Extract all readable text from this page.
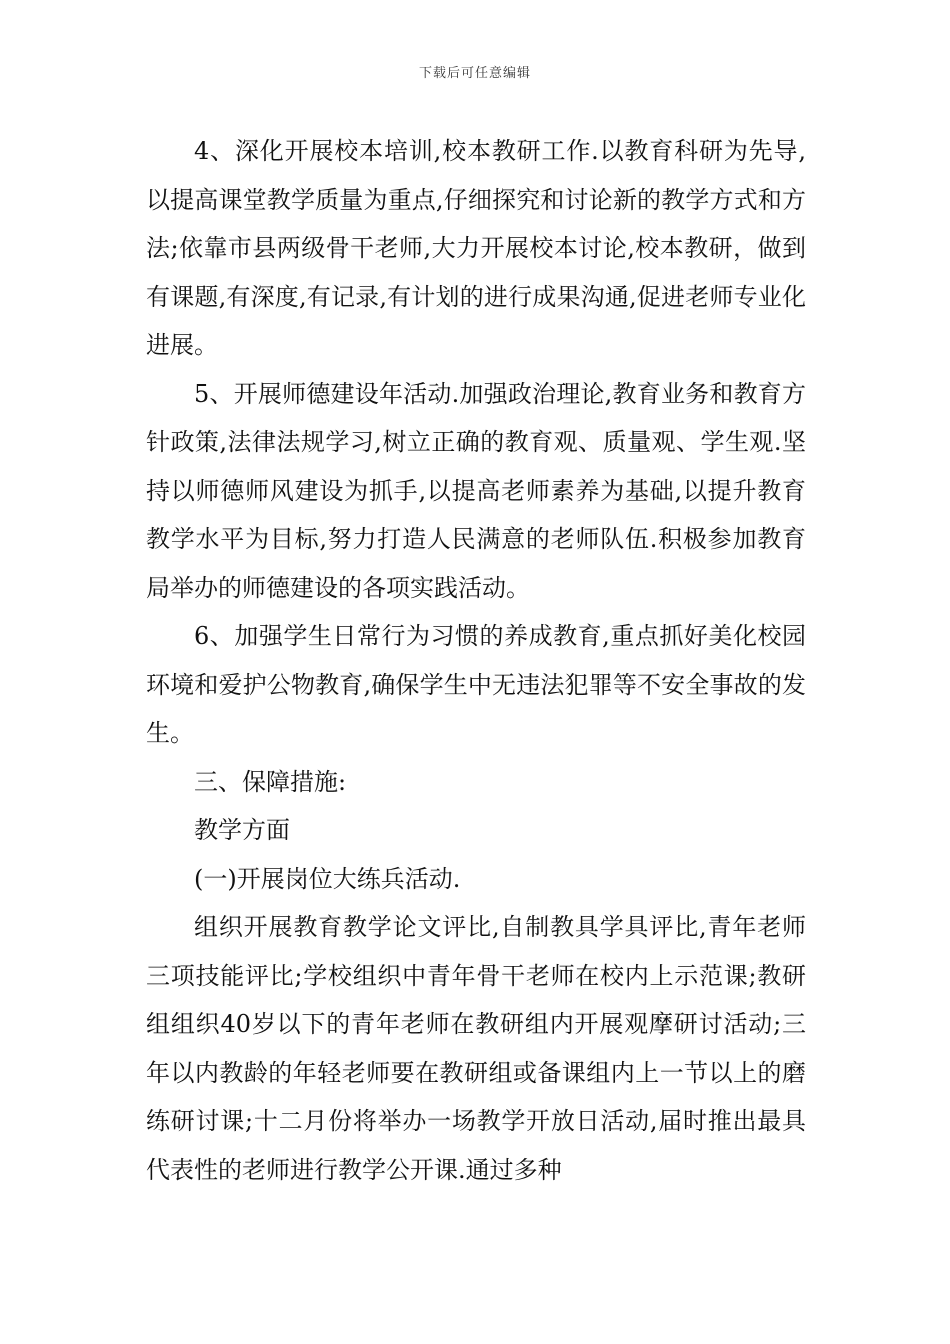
下载后可任意编辑

4、深化开展校本培训,校本教研工作.以教育科研为先导,以提高课堂教学质量为重点,仔细探究和讨论新的教学方式和方法;依靠市县两级骨干老师,大力开展校本讨论,校本教研，做到有课题,有深度,有记录,有计划的进行成果沟通,促进老师专业化进展。

5、开展师德建设年活动.加强政治理论,教育业务和教育方针政策,法律法规学习,树立正确的教育观、质量观、学生观.坚持以师德师风建设为抓手,以提高老师素养为基础,以提升教育教学水平为目标,努力打造人民满意的老师队伍.积极参加教育局举办的师德建设的各项实践活动。

6、加强学生日常行为习惯的养成教育,重点抓好美化校园环境和爱护公物教育,确保学生中无违法犯罪等不安全事故的发生。

三、保障措施:

教学方面

(一)开展岗位大练兵活动.

组织开展教育教学论文评比,自制教具学具评比,青年老师三项技能评比;学校组织中青年骨干老师在校内上示范课;教研组组织40岁以下的青年老师在教研组内开展观摩研讨活动;三年以内教龄的年轻老师要在教研组或备课组内上一节以上的磨练研讨课;十二月份将举办一场教学开放日活动,届时推出最具代表性的老师进行教学公开课.通过多种
